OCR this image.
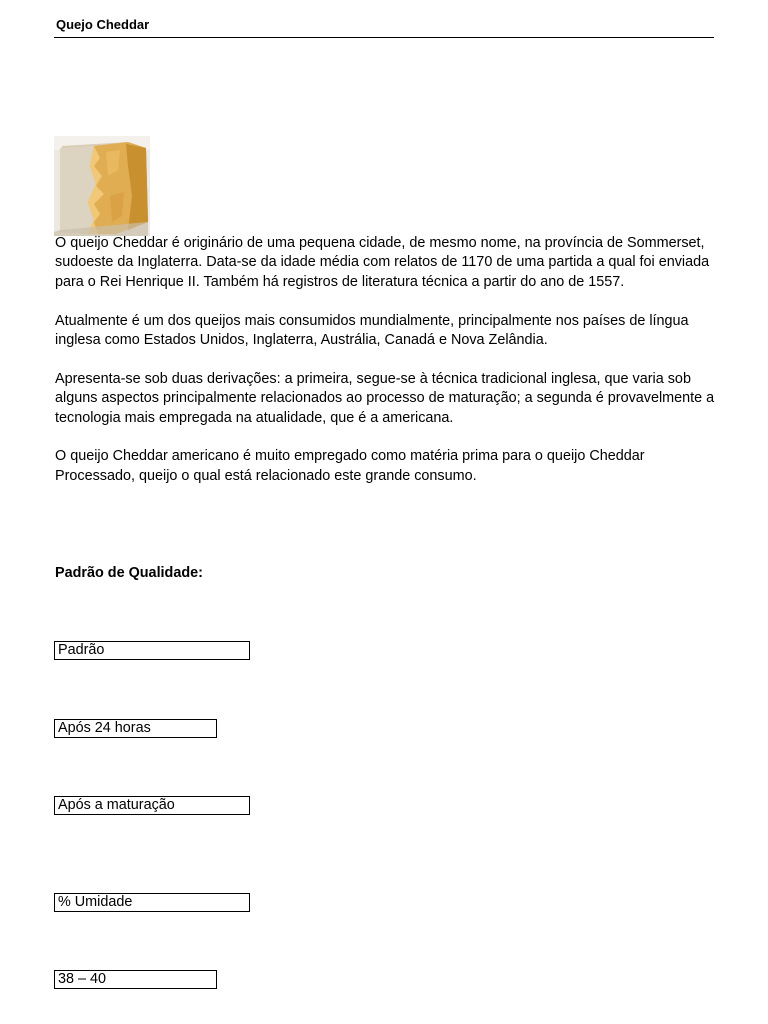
Quejo Cheddar

O queijo Cheddar é originário de uma pequena cidade, de mesmo nome, na província de Sommerset, sudoeste da Inglaterra. Data-se da idade média com relatos de 1170 de uma partida a qual foi enviada para o Rei Henrique II. Também há registros de literatura técnica a partir do ano de 1557.

Atualmente é um dos queijos mais consumidos mundialmente, principalmente nos países de língua inglesa como Estados Unidos, Inglaterra, Austrália, Canadá e Nova Zelândia.

Apresenta-se sob duas derivações: a primeira, segue-se à técnica tradicional inglesa, que varia sob alguns aspectos principalmente relacionados ao processo de maturação; a segunda é provavelmente a tecnologia mais empregada na atualidade, que é a americana.

O queijo Cheddar americano é muito empregado como matéria prima para o queijo Cheddar Processado, queijo o qual está relacionado este grande consumo.

Padrão de Qualidade:
Padrão
Após 24 horas
Após a maturação
% Umidade
38 – 40
